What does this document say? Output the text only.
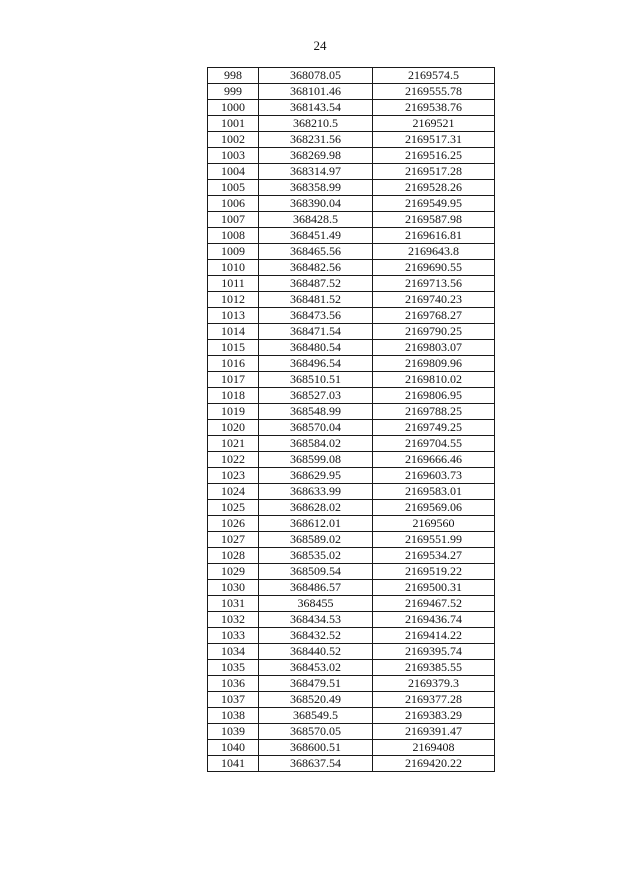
24
998	368078.05	2169574.5
999	368101.46	2169555.78
1000	368143.54	2169538.76
1001	368210.5	2169521
1002	368231.56	2169517.31
1003	368269.98	2169516.25
1004	368314.97	2169517.28
1005	368358.99	2169528.26
1006	368390.04	2169549.95
1007	368428.5	2169587.98
1008	368451.49	2169616.81
1009	368465.56	2169643.8
1010	368482.56	2169690.55
1011	368487.52	2169713.56
1012	368481.52	2169740.23
1013	368473.56	2169768.27
1014	368471.54	2169790.25
1015	368480.54	2169803.07
1016	368496.54	2169809.96
1017	368510.51	2169810.02
1018	368527.03	2169806.95
1019	368548.99	2169788.25
1020	368570.04	2169749.25
1021	368584.02	2169704.55
1022	368599.08	2169666.46
1023	368629.95	2169603.73
1024	368633.99	2169583.01
1025	368628.02	2169569.06
1026	368612.01	2169560
1027	368589.02	2169551.99
1028	368535.02	2169534.27
1029	368509.54	2169519.22
1030	368486.57	2169500.31
1031	368455	2169467.52
1032	368434.53	2169436.74
1033	368432.52	2169414.22
1034	368440.52	2169395.74
1035	368453.02	2169385.55
1036	368479.51	2169379.3
1037	368520.49	2169377.28
1038	368549.5	2169383.29
1039	368570.05	2169391.47
1040	368600.51	2169408
1041	368637.54	2169420.22
